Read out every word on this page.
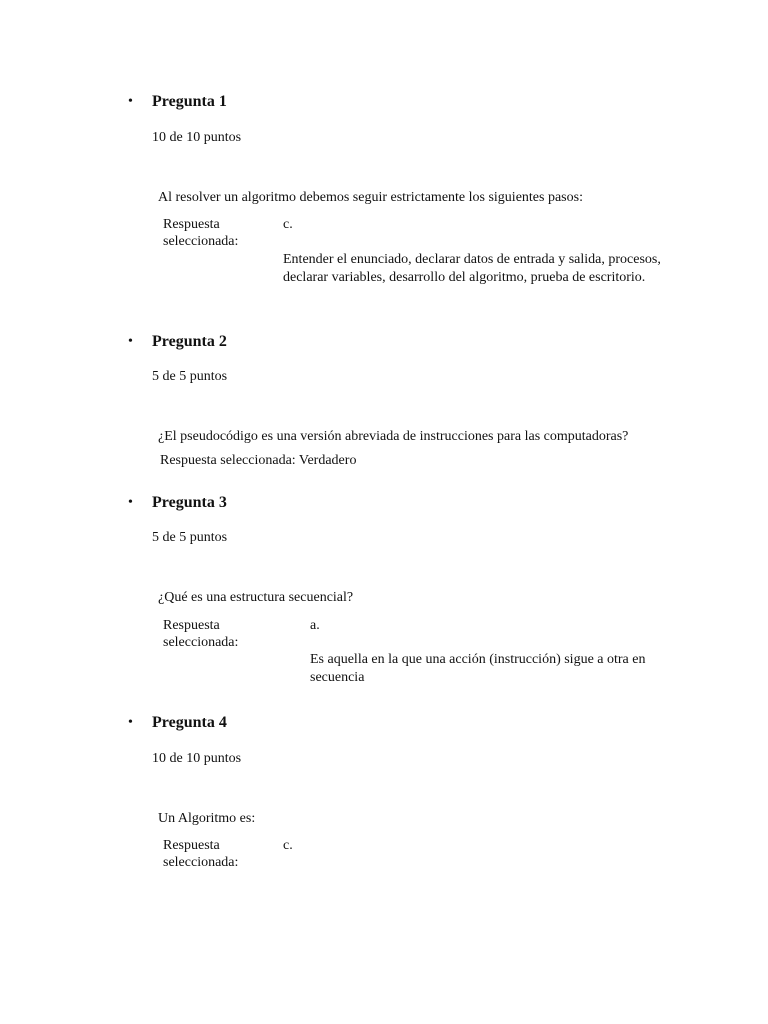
• Pregunta 1
10 de 10 puntos
Al resolver un algoritmo debemos seguir estrictamente los siguientes pasos:
Respuesta seleccionada:
c.
Entender el enunciado, declarar datos de entrada y salida, procesos, declarar variables, desarrollo del algoritmo, prueba de escritorio.
• Pregunta 2
5 de 5 puntos
¿El pseudocódigo es una versión abreviada de instrucciones para las computadoras?
Respuesta seleccionada: Verdadero
• Pregunta 3
5 de 5 puntos
¿Qué es una estructura secuencial?
Respuesta seleccionada:
a.
Es aquella en la que una acción (instrucción) sigue a otra en secuencia
• Pregunta 4
10 de 10 puntos
Un Algoritmo es:
Respuesta seleccionada:
c.
